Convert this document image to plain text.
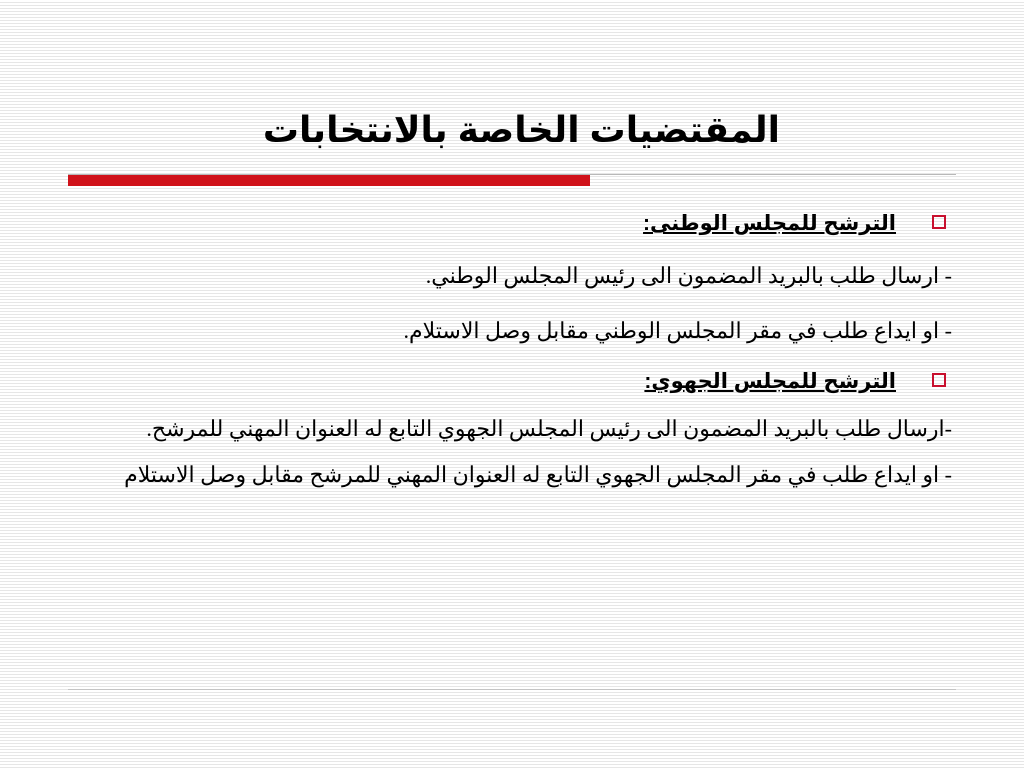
المقتضيات الخاصة بالانتخابات
الترشح للمجلس الوطنى:

- ارسال طلب بالبريد المضمون الى رئيس المجلس الوطني.

- او ايداع طلب في مقر المجلس الوطني مقابل وصل الاستلام.

الترشح للمجلس الجهوي:

-ارسال طلب بالبريد المضمون الى رئيس المجلس الجهوي التابع له العنوان المهني للمرشح.

- او ايداع طلب في مقر المجلس الجهوي التابع له العنوان المهني للمرشح مقابل وصل الاستلام
